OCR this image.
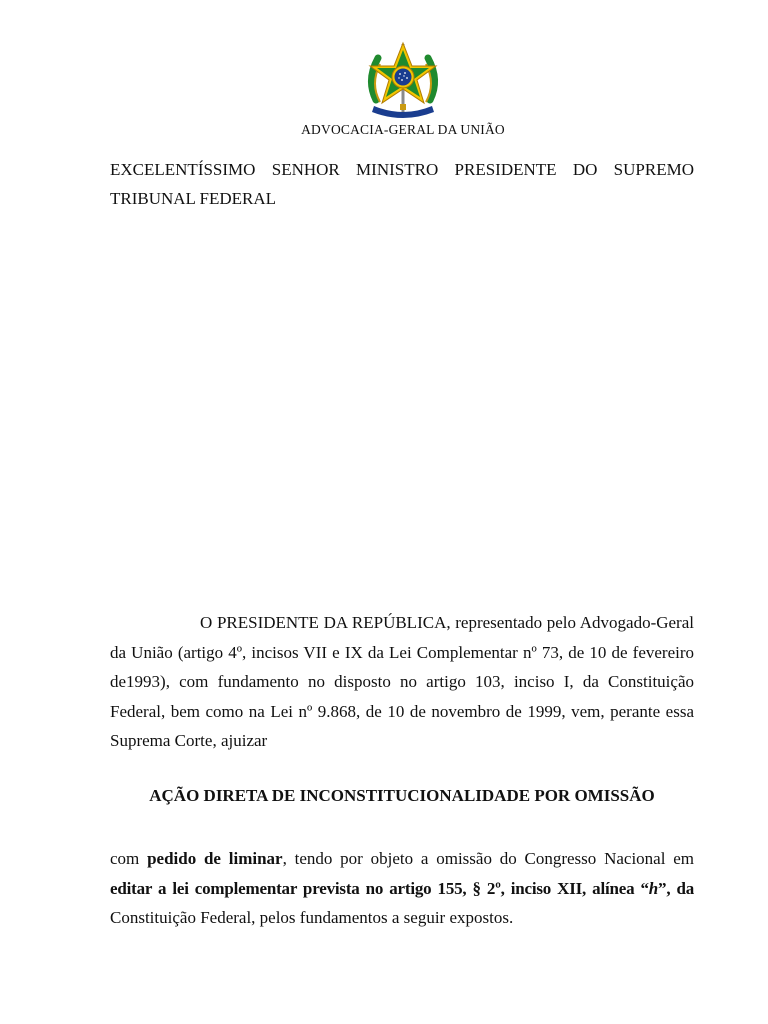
ADVOCACIA-GERAL DA UNIÃO
EXCELENTÍSSIMO SENHOR MINISTRO PRESIDENTE DO SUPREMO
TRIBUNAL FEDERAL
O PRESIDENTE DA REPÚBLICA, representado pelo Advogado-Geral da União (artigo 4º, incisos VII e IX da Lei Complementar nº 73, de 10 de fevereiro de1993), com fundamento no disposto no artigo 103, inciso I, da Constituição Federal, bem como na Lei nº 9.868, de 10 de novembro de 1999, vem, perante essa Suprema Corte, ajuizar
AÇÃO DIRETA DE INCONSTITUCIONALIDADE POR OMISSÃO
com pedido de liminar, tendo por objeto a omissão do Congresso Nacional em editar a lei complementar prevista no artigo 155, § 2º, inciso XII, alínea “h”, da Constituição Federal, pelos fundamentos a seguir expostos.
